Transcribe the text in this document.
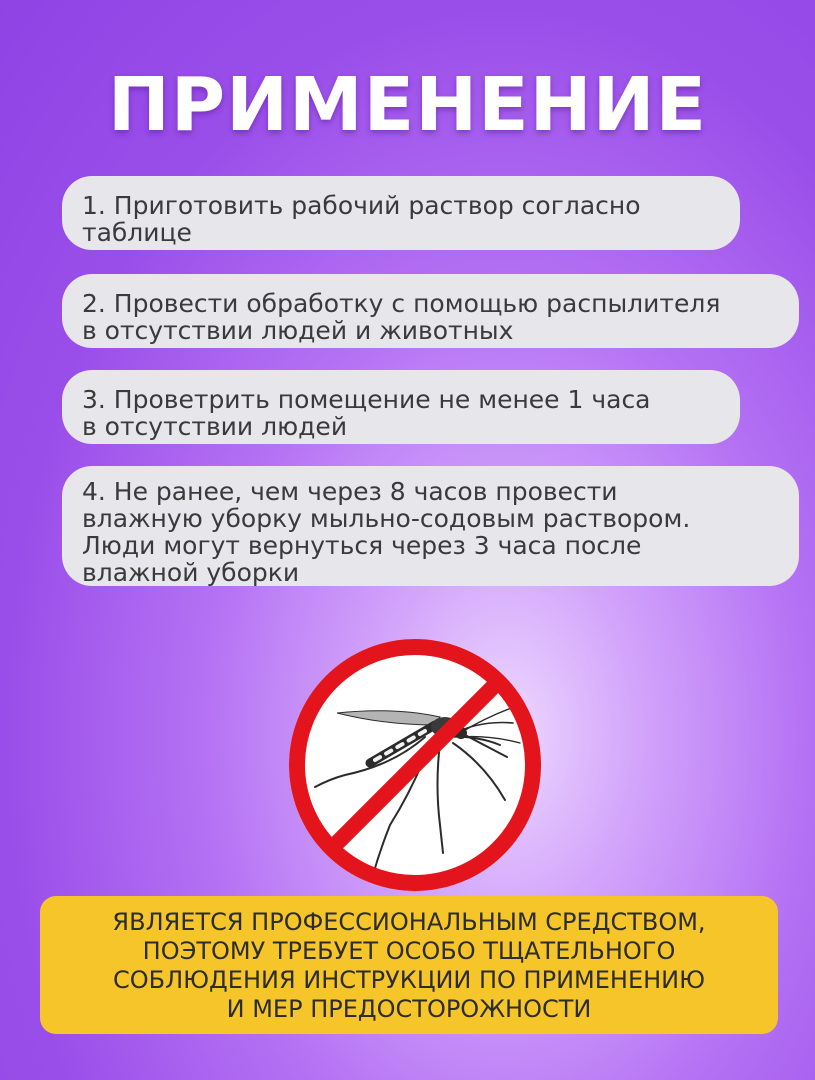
ПРИМЕНЕНИЕ
1. Приготовить рабочий раствор согласно
таблице
2. Провести обработку с помощью распылителя
в отсутствии людей и животных
3. Проветрить помещение не менее 1 часа
в отсутствии людей
4. Не ранее, чем через 8 часов провести
влажную уборку мыльно-содовым раствором.
Люди могут вернуться через 3 часа после
влажной уборки
ЯВЛЯЕТСЯ ПРОФЕССИОНАЛЬНЫМ СРЕДСТВОМ,
ПОЭТОМУ ТРЕБУЕТ ОСОБО ТЩАТЕЛЬНОГО
СОБЛЮДЕНИЯ ИНСТРУКЦИИ ПО ПРИМЕНЕНИЮ
И МЕР ПРЕДОСТОРОЖНОСТИ
